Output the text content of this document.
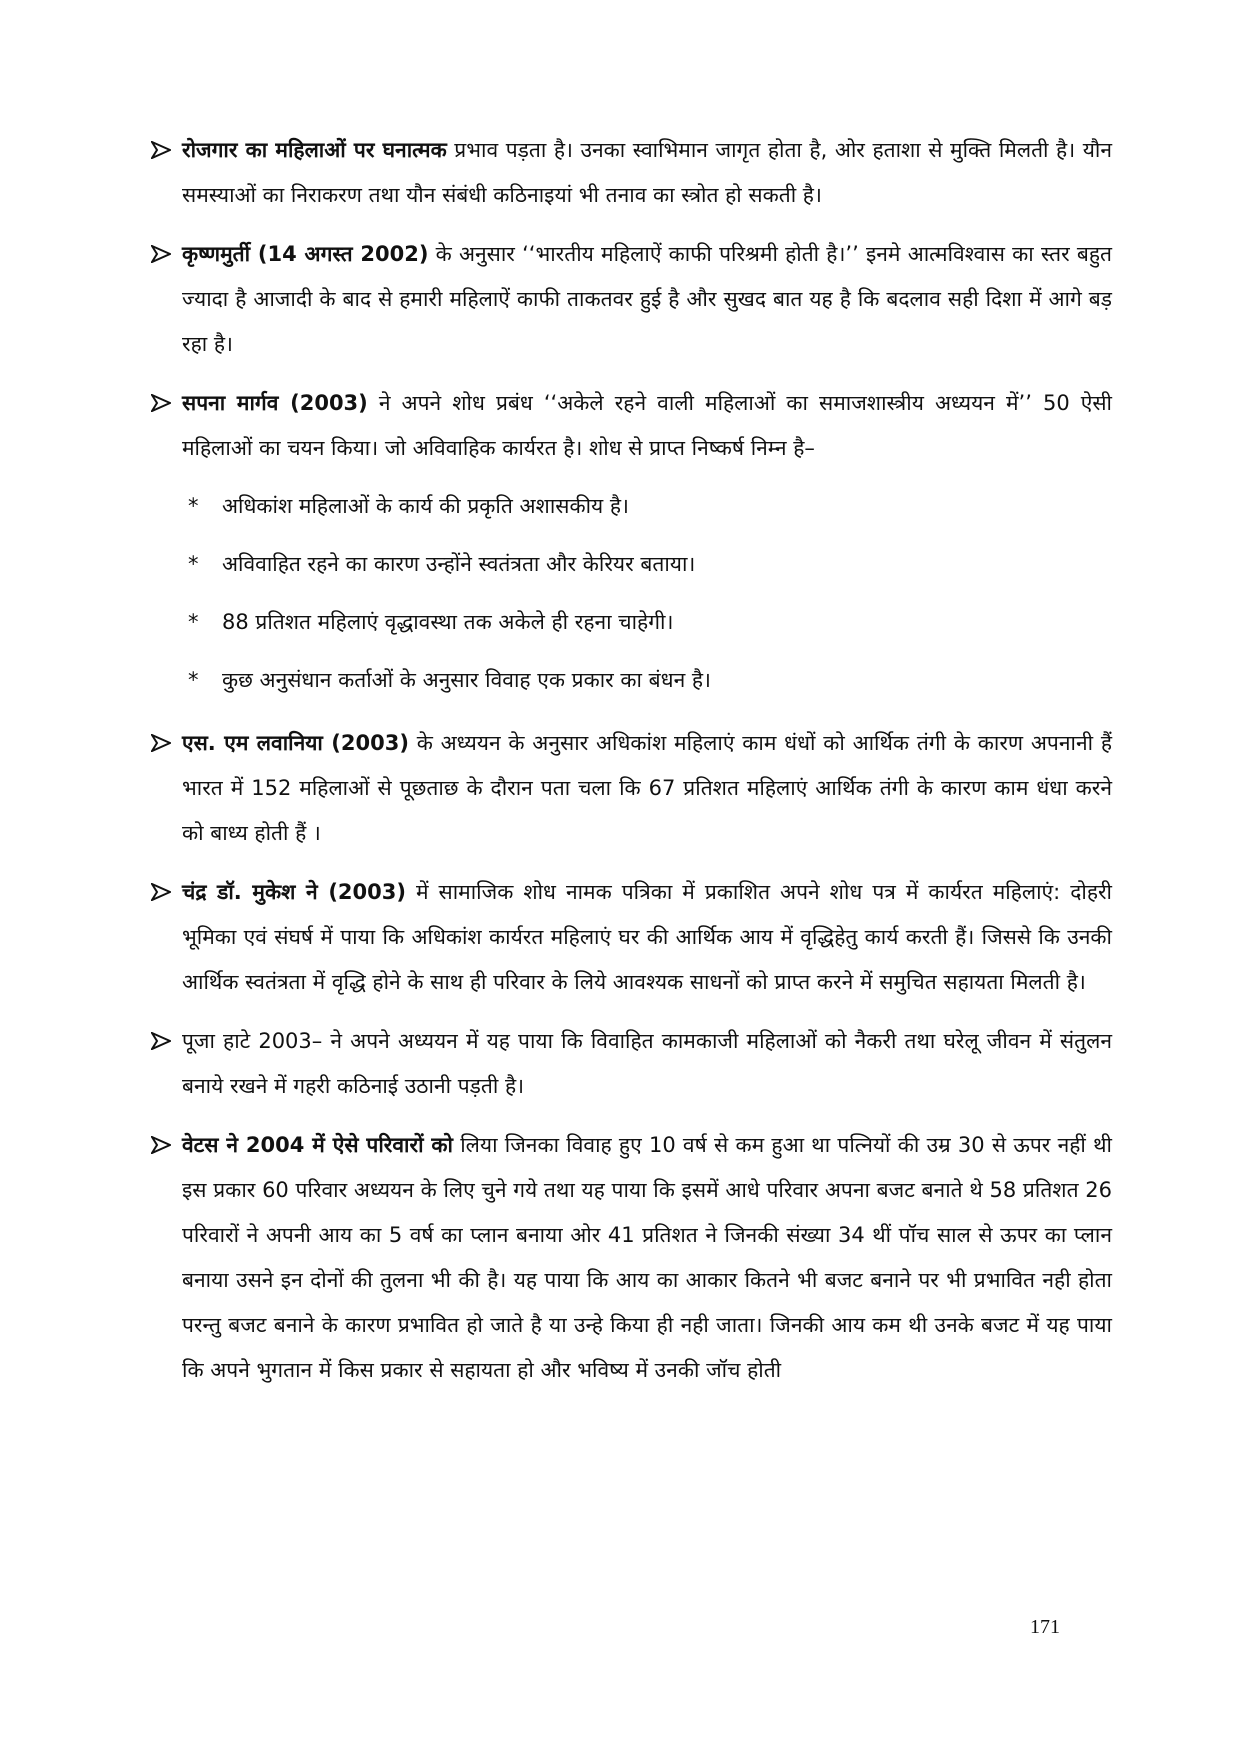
रोजगार का महिलाओं पर घनात्मक प्रभाव पड़ता है। उनका स्वाभिमान जागृत होता है, ओर हताशा से मुक्ति मिलती है। यौन समस्याओं का निराकरण तथा यौन संबंधी कठिनाइयां भी तनाव का स्त्रोत हो सकती है।
कृष्णमुर्ती (14 अगस्त 2002) के अनुसार ‘‘भारतीय महिलाऐं काफी परिश्रमी होती है।’’ इनमे आत्मविश्वास का स्तर बहुत ज्यादा है आजादी के बाद से हमारी महिलाऐं काफी ताकतवर हुई है और सुखद बात यह है कि बदलाव सही दिशा में आगे बड़ रहा है।
सपना मार्गव (2003) ने अपने शोध प्रबंध ‘‘अकेले रहने वाली महिलाओं का समाजशास्त्रीय अध्ययन में’’ 50 ऐसी महिलाओं का चयन किया। जो अविवाहिक कार्यरत है। शोध से प्राप्त निष्कर्ष निम्न है–
* अधिकांश महिलाओं के कार्य की प्रकृति अशासकीय है।
* अविवाहित रहने का कारण उन्होंने स्वतंत्रता और केरियर बताया।
* 88 प्रतिशत महिलाएं वृद्धावस्था तक अकेले ही रहना चाहेगी।
* कुछ अनुसंधान कर्ताओं के अनुसार विवाह एक प्रकार का बंधन है।
एस. एम लवानिया (2003) के अध्ययन के अनुसार अधिकांश महिलाएं काम धंधों को आर्थिक तंगी के कारण अपनानी हैं भारत में 152 महिलाओं से पूछताछ के दौरान पता चला कि 67 प्रतिशत महिलाएं आर्थिक तंगी के कारण काम धंधा करने को बाध्य होती हैं ।
चंद्र डॉ. मुकेश ने (2003) में सामाजिक शोध नामक पत्रिका में प्रकाशित अपने शोध पत्र में कार्यरत महिलाएं: दोहरी भूमिका एवं संघर्ष में पाया कि अधिकांश कार्यरत महिलाएं घर की आर्थिक आय में वृद्धिहेतु कार्य करती हैं। जिससे कि उनकी आर्थिक स्वतंत्रता में वृद्धि होने के साथ ही परिवार के लिये आवश्यक साधनों को प्राप्त करने में समुचित सहायता मिलती है।
पूजा हाटे 2003– ने अपने अध्ययन में यह पाया कि विवाहित कामकाजी महिलाओं को नैकरी तथा घरेलू जीवन में संतुलन बनाये रखने में गहरी कठिनाई उठानी पड़ती है।
वेटस ने 2004 में ऐसे परिवारों को लिया जिनका विवाह हुए 10 वर्ष से कम हुआ था पत्नियों की उम्र 30 से ऊपर नहीं थी इस प्रकार 60 परिवार अध्ययन के लिए चुने गये तथा यह पाया कि इसमें आधे परिवार अपना बजट बनाते थे 58 प्रतिशत 26 परिवारों ने अपनी आय का 5 वर्ष का प्लान बनाया ओर 41 प्रतिशत ने जिनकी संख्या 34 थीं पॉच साल से ऊपर का प्लान बनाया उसने इन दोनों की तुलना भी की है। यह पाया कि आय का आकार कितने भी बजट बनाने पर भी प्रभावित नही होता परन्तु बजट बनाने के कारण प्रभावित हो जाते है या उन्हे किया ही नही जाता। जिनकी आय कम थी उनके बजट में यह पाया कि अपने भुगतान में किस प्रकार से सहायता हो और भविष्य में उनकी जॉच होती
171
